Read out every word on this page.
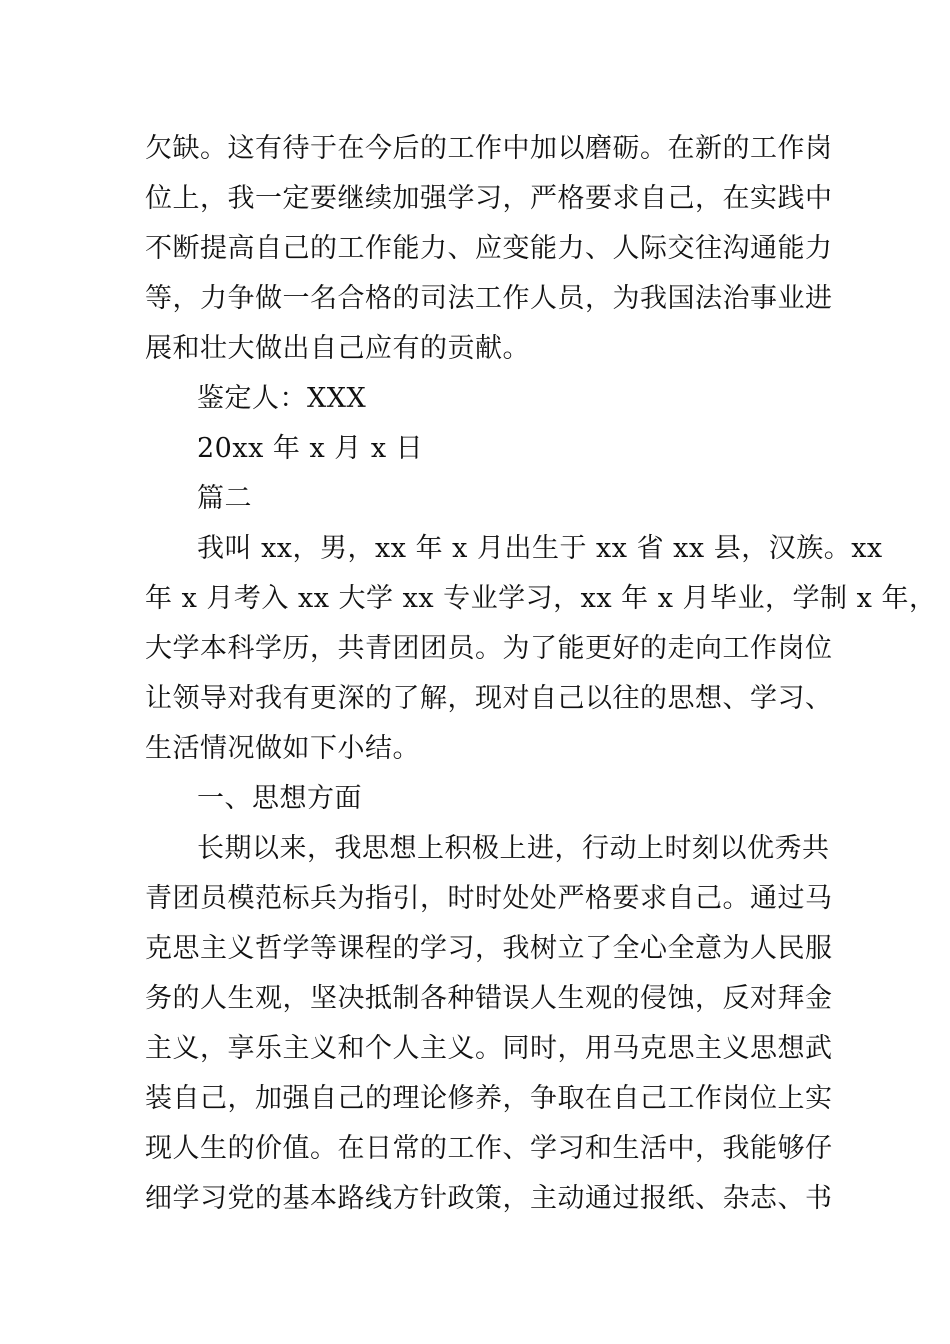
欠缺。这有待于在今后的工作中加以磨砺。在新的工作岗
位上，我一定要继续加强学习，严格要求自己，在实践中
不断提高自己的工作能力、应变能力、人际交往沟通能力
等，力争做一名合格的司法工作人员，为我国法治事业进
展和壮大做出自己应有的贡献。
鉴定人：XXX
20xx 年 x 月 x 日
篇二
我叫 xx，男，xx 年 x 月出生于 xx 省 xx 县，汉族。xx
年 x 月考入 xx 大学 xx 专业学习，xx 年 x 月毕业，学制 x 年，
大学本科学历，共青团团员。为了能更好的走向工作岗位
让领导对我有更深的了解，现对自己以往的思想、学习、
生活情况做如下小结。
一、思想方面
长期以来，我思想上积极上进，行动上时刻以优秀共
青团员模范标兵为指引，时时处处严格要求自己。通过马
克思主义哲学等课程的学习，我树立了全心全意为人民服
务的人生观，坚决抵制各种错误人生观的侵蚀，反对拜金
主义，享乐主义和个人主义。同时，用马克思主义思想武
装自己，加强自己的理论修养，争取在自己工作岗位上实
现人生的价值。在日常的工作、学习和生活中，我能够仔
细学习党的基本路线方针政策，主动通过报纸、杂志、书
